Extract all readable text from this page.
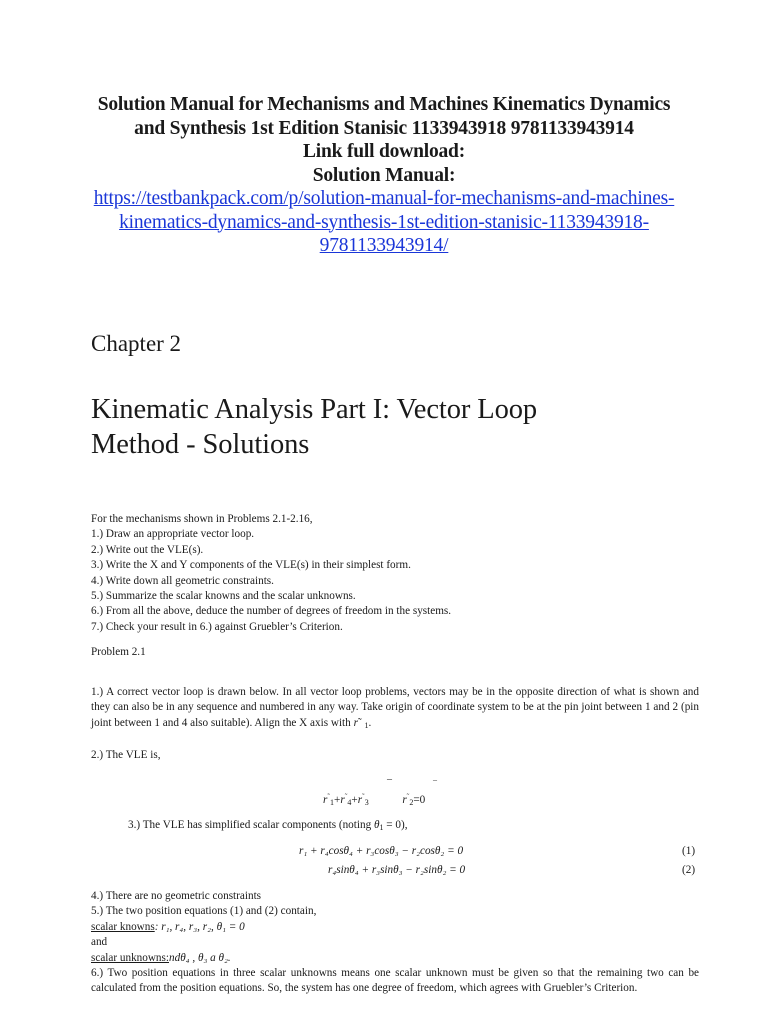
Solution Manual for Mechanisms and Machines Kinematics Dynamics
and Synthesis 1st Edition Stanisic 1133943918 9781133943914
Link full download:
Solution Manual:
https://testbankpack.com/p/solution-manual-for-mechanisms-and-machines-
kinematics-dynamics-and-synthesis-1st-edition-stanisic-1133943918-
9781133943914/
Chapter 2
Kinematic Analysis Part I: Vector Loop
Method - Solutions
For the mechanisms shown in Problems 2.1-2.16,
1.) Draw an appropriate vector loop.
2.) Write out the VLE(s).
3.) Write the X and Y components of the VLE(s) in their simplest form.
4.) Write down all geometric constraints.
5.) Summarize the scalar knowns and the scalar unknowns.
6.) From all the above, deduce the number of degrees of freedom in the systems.
7.) Check your result in 6.) against Gruebler’s Criterion.
Problem 2.1
1.) A correct vector loop is drawn below. In all vector loop problems, vectors may be in the opposite direction of what is shown and they can also be in any sequence and numbered in any way. Take origin of coordinate system to be at the pin joint between 1 and 2 (pin joint between 1 and 4 also suitable). Align the X axis with r˜ $_1$.
2.) The VLE is,
–	–
$r^˜_1+r^˜_4+r^˜_3$	$r^˜_2=0$
3.) The VLE has simplified scalar components (noting $\theta_1 = 0$),
r₁ + r₄cosθ₄ + r₃cosθ₃ − r₂cosθ₂ = 0	(1)
r₄sinθ₄ + r₃sinθ₃ − r₂sinθ₂ = 0	(2)
4.) There are no geometric constraints
5.) The two position equations (1) and (2) contain,
scalar knowns: r₁, r₄, r₃, r₂, θ₁ = 0
and
scalar unknowns:ndθ₄ , θ₃ a θ₂.
6.) Two position equations in three scalar unknowns means one scalar unknown must be given so that the remaining two can be calculated from the position equations. So, the system has one degree of freedom, which agrees with Gruebler’s Criterion.
